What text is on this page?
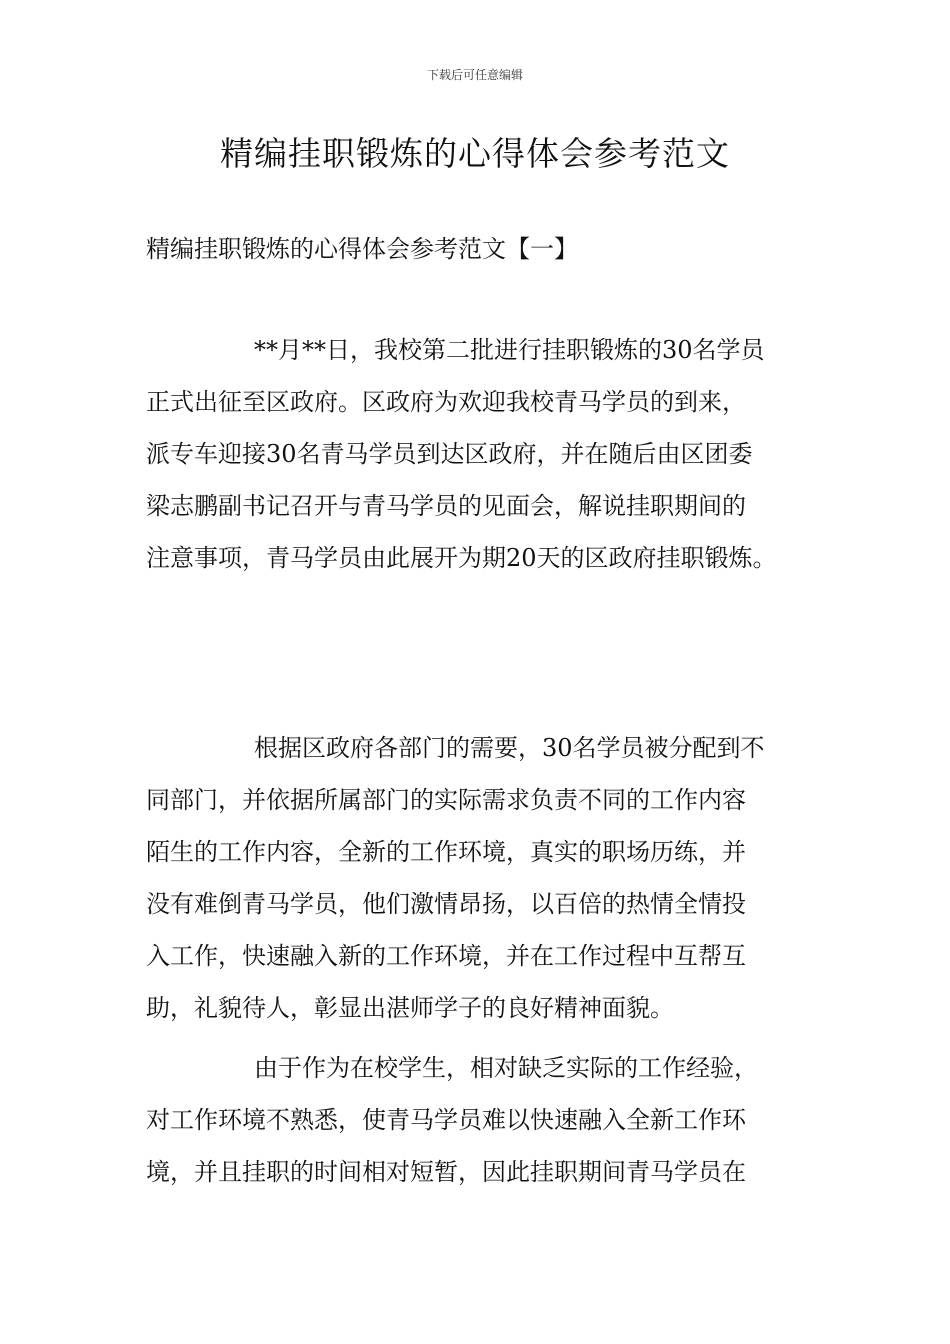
下载后可任意编辑
精编挂职锻炼的心得体会参考范文
精编挂职锻炼的心得体会参考范文【一】

**月**日，我校第二批进行挂职锻炼的30名学员
正式出征至区政府。区政府为欢迎我校青马学员的到来，
派专车迎接30名青马学员到达区政府，并在随后由区团委
梁志鹏副书记召开与青马学员的见面会，解说挂职期间的
注意事项，青马学员由此展开为期20天的区政府挂职锻炼。

根据区政府各部门的需要，30名学员被分配到不
同部门，并依据所属部门的实际需求负责不同的工作内容
陌生的工作内容，全新的工作环境，真实的职场历练，并
没有难倒青马学员，他们激情昂扬，以百倍的热情全情投
入工作，快速融入新的工作环境，并在工作过程中互帮互
助，礼貌待人，彰显出湛师学子的良好精神面貌。

由于作为在校学生，相对缺乏实际的工作经验，
对工作环境不熟悉，使青马学员难以快速融入全新工作环
境，并且挂职的时间相对短暂，因此挂职期间青马学员在
